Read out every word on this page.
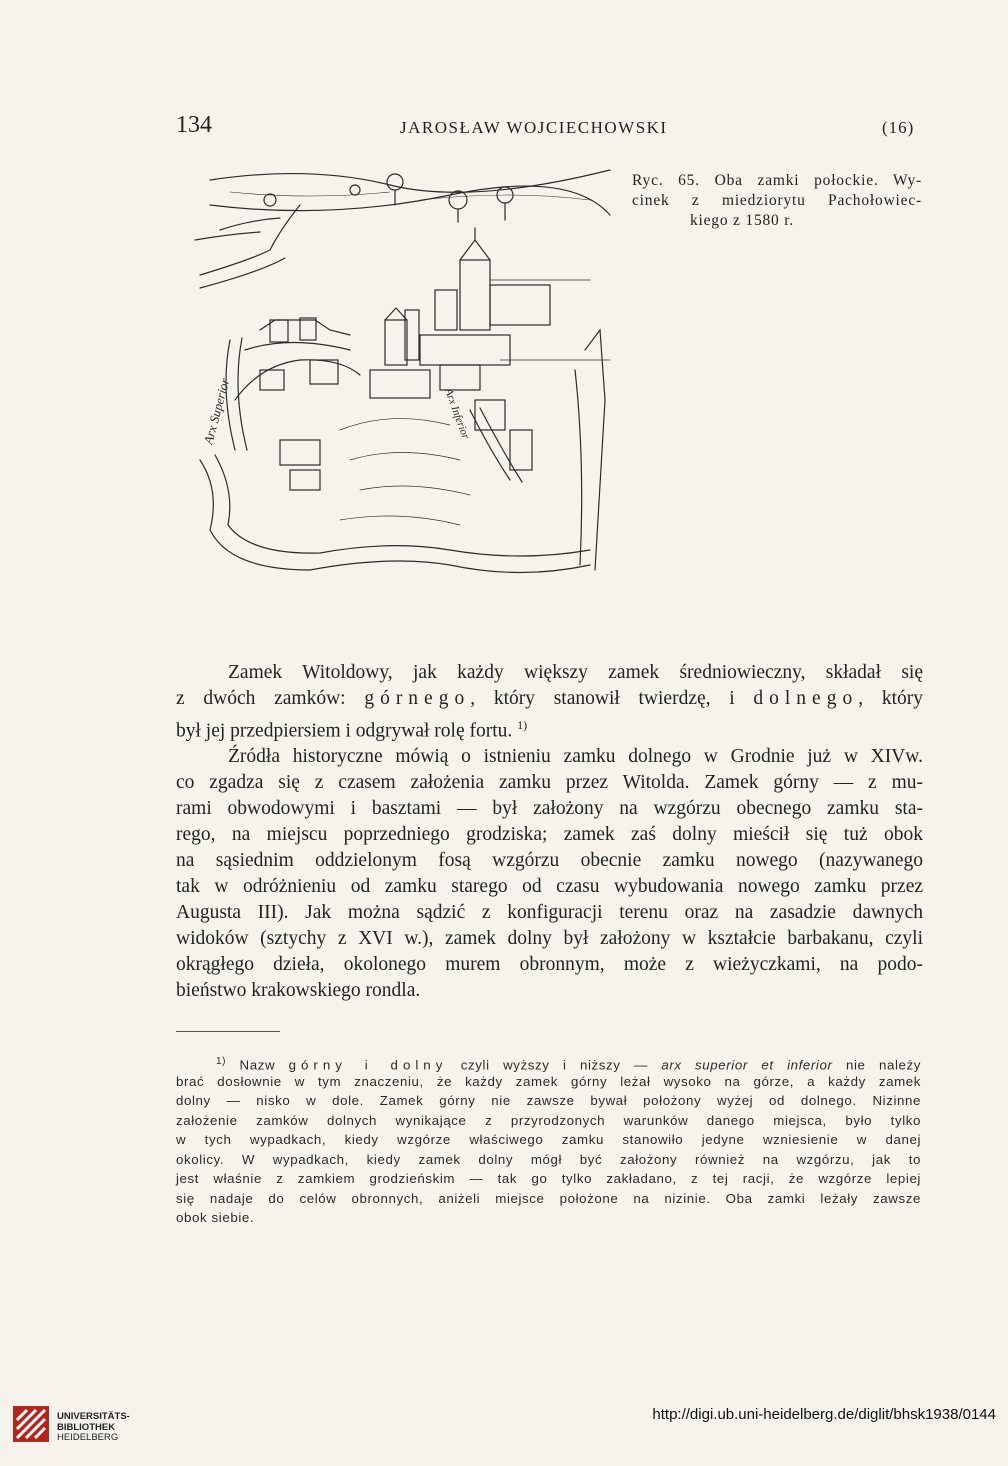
134	JAROSŁAW WOJCIECHOWSKI	(16)
Arx Superior	Arx Inferior
Ryc. 65. Oba zamki połockie. Wy-
cinek z miedziorytu Pachołowiec-
kiego z 1580 r.
Zamek Witoldowy, jak każdy większy zamek średniowieczny, składał się
z dwóch zamków: górnego, który stanowił twierdzę, i dolnego, który
był jej przedpiersiem i odgrywał rolę fortu. $^{1)}$
Źródła historyczne mówią o istnieniu zamku dolnego w Grodnie już w XIVw.
co zgadza się z czasem założenia zamku przez Witolda. Zamek górny — z mu-
rami obwodowymi i basztami — był założony na wzgórzu obecnego zamku sta-
rego, na miejscu poprzedniego grodziska; zamek zaś dolny mieścił się tuż obok
na sąsiednim oddzielonym fosą wzgórzu obecnie zamku nowego (nazywanego
tak w odróżnieniu od zamku starego od czasu wybudowania nowego zamku przez
Augusta III). Jak można sądzić z konfiguracji terenu oraz na zasadzie dawnych
widoków (sztychy z XVI w.), zamek dolny był założony w kształcie barbakanu, czyli
okrągłego dzieła, okolonego murem obronnym, może z wieżyczkami, na podo-
bieństwo krakowskiego rondla.
$^{1)}$ Nazw górny i dolny czyli wyższy i niższy — arx superior et inferior nie należy
brać dosłownie w tym znaczeniu, że każdy zamek górny leżał wysoko na górze, a każdy zamek
dolny — nisko w dole. Zamek górny nie zawsze bywał położony wyżej od dolnego. Nizinne
założenie zamków dolnych wynikające z przyrodzonych warunków danego miejsca, było tylko
w tych wypadkach, kiedy wzgórze właściwego zamku stanowiło jedyne wzniesienie w danej
okolicy. W wypadkach, kiedy zamek dolny mógł być założony również na wzgórzu, jak to
jest właśnie z zamkiem grodzieńskim — tak go tylko zakładano, z tej racji, że wzgórze lepiej
się nadaje do celów obronnych, aniżeli miejsce położone na nizinie. Oba zamki leżały zawsze
obok siebie.
UNIVERSITÄTS-
BIBLIOTHEK
HEIDELBERG
http://digi.ub.uni-heidelberg.de/diglit/bhsk1938/0144
